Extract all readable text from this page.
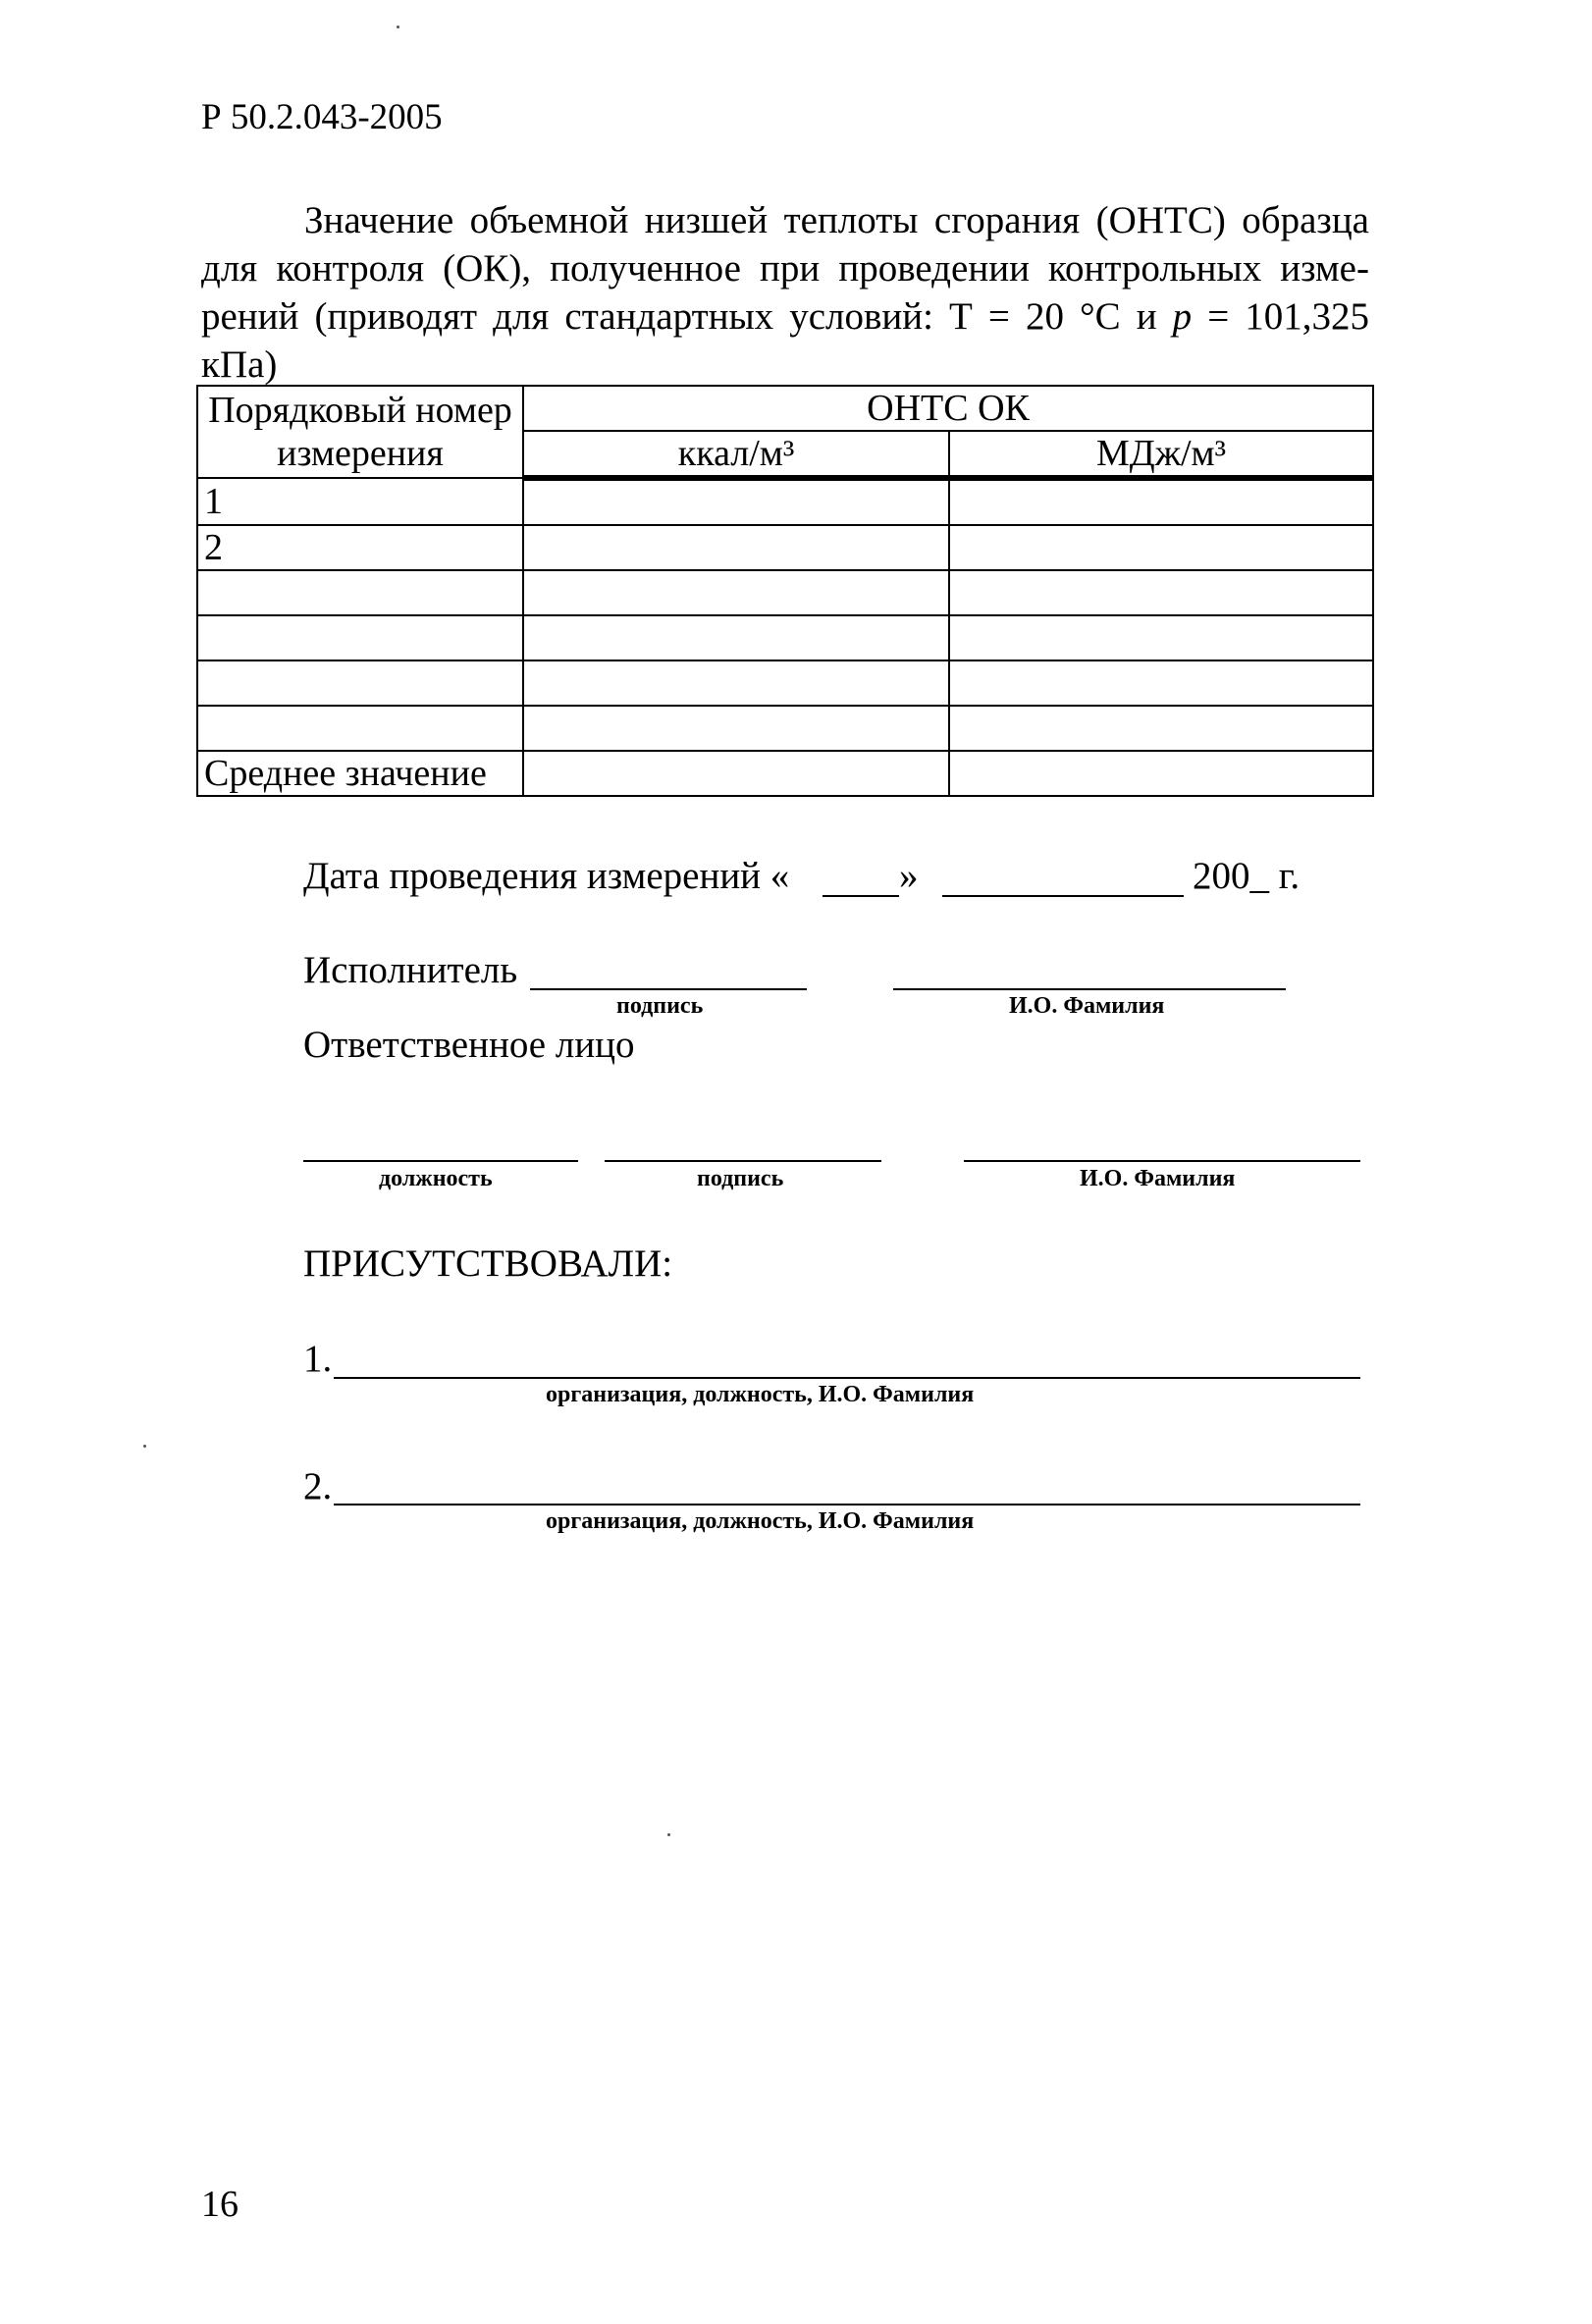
Р 50.2.043-2005
Значение объемной низшей теплоты сгорания (ОНТС) образца для контроля (ОК), полученное при проведении контрольных измерений (приводят для стандартных условий: Т = 20 °С и р = 101,325 кПа)
Порядковый номер измерения	ОНТС ОК	
	ккал/м³	МДж/м³
1		
2		

Среднее значение		
Дата проведения измерений «	»	200_ г.
Исполнитель
подпись	И.О. Фамилия
Ответственное лицо
должность	подпись	И.О. Фамилия
ПРИСУТСТВОВАЛИ:
1.
организация, должность, И.О. Фамилия
2.
организация, должность, И.О. Фамилия
16
